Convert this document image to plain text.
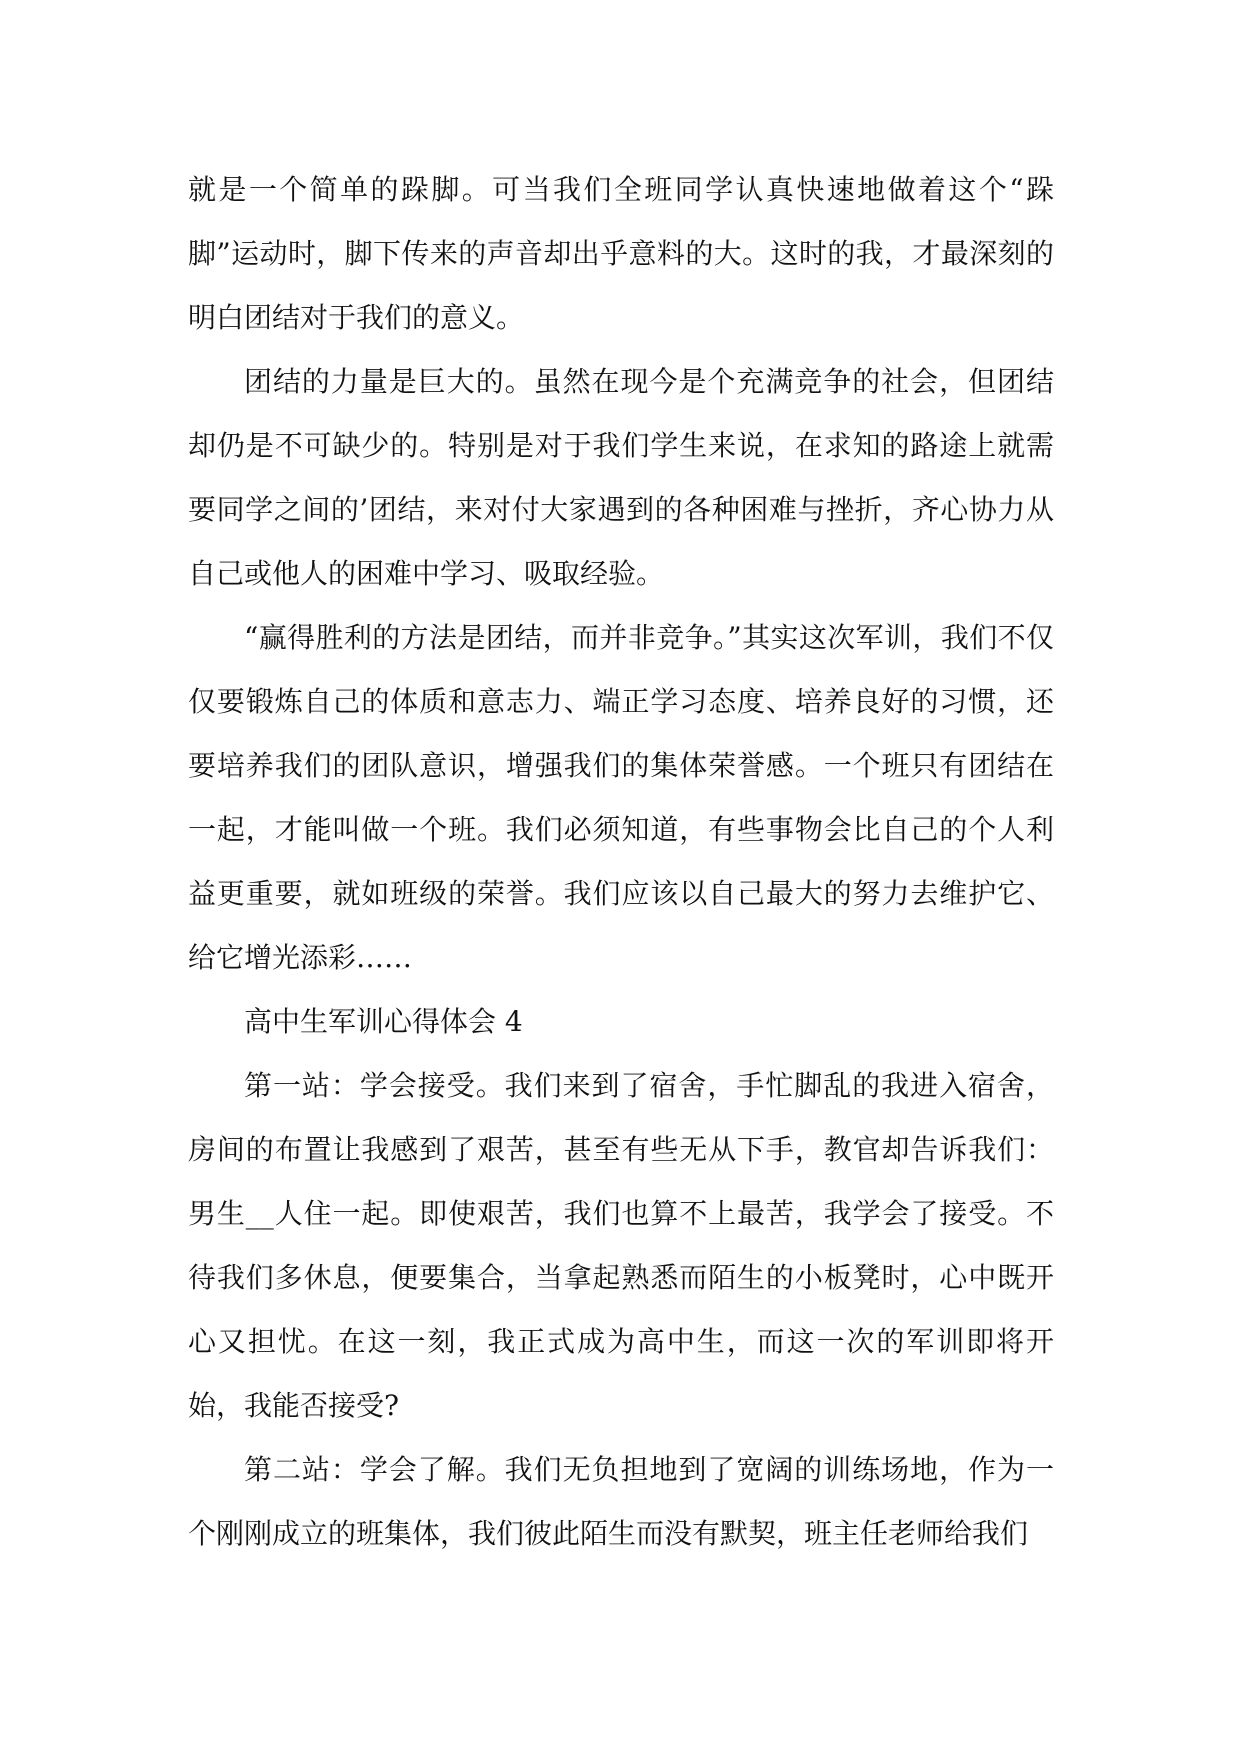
就是一个简单的跺脚。可当我们全班同学认真快速地做着这个“跺脚”运动时，脚下传来的声音却出乎意料的大。这时的我，才最深刻的明白团结对于我们的意义。

团结的力量是巨大的。虽然在现今是个充满竞争的社会，但团结却仍是不可缺少的。特别是对于我们学生来说，在求知的路途上就需要同学之间的’团结，来对付大家遇到的各种困难与挫折，齐心协力从自己或他人的困难中学习、吸取经验。

“赢得胜利的方法是团结，而并非竞争。”其实这次军训，我们不仅仅要锻炼自己的体质和意志力、端正学习态度、培养良好的习惯，还要培养我们的团队意识，增强我们的集体荣誉感。一个班只有团结在一起，才能叫做一个班。我们必须知道，有些事物会比自己的个人利益更重要，就如班级的荣誉。我们应该以自己最大的努力去维护它、给它增光添彩……

高中生军训心得体会 4

第一站：学会接受。我们来到了宿舍，手忙脚乱的我进入宿舍，房间的布置让我感到了艰苦，甚至有些无从下手，教官却告诉我们：男生__人住一起。即使艰苦，我们也算不上最苦，我学会了接受。不待我们多休息，便要集合，当拿起熟悉而陌生的小板凳时，心中既开心又担忧。在这一刻，我正式成为高中生，而这一次的军训即将开始，我能否接受?

第二站：学会了解。我们无负担地到了宽阔的训练场地，作为一个刚刚成立的班集体，我们彼此陌生而没有默契，班主任老师给我们
